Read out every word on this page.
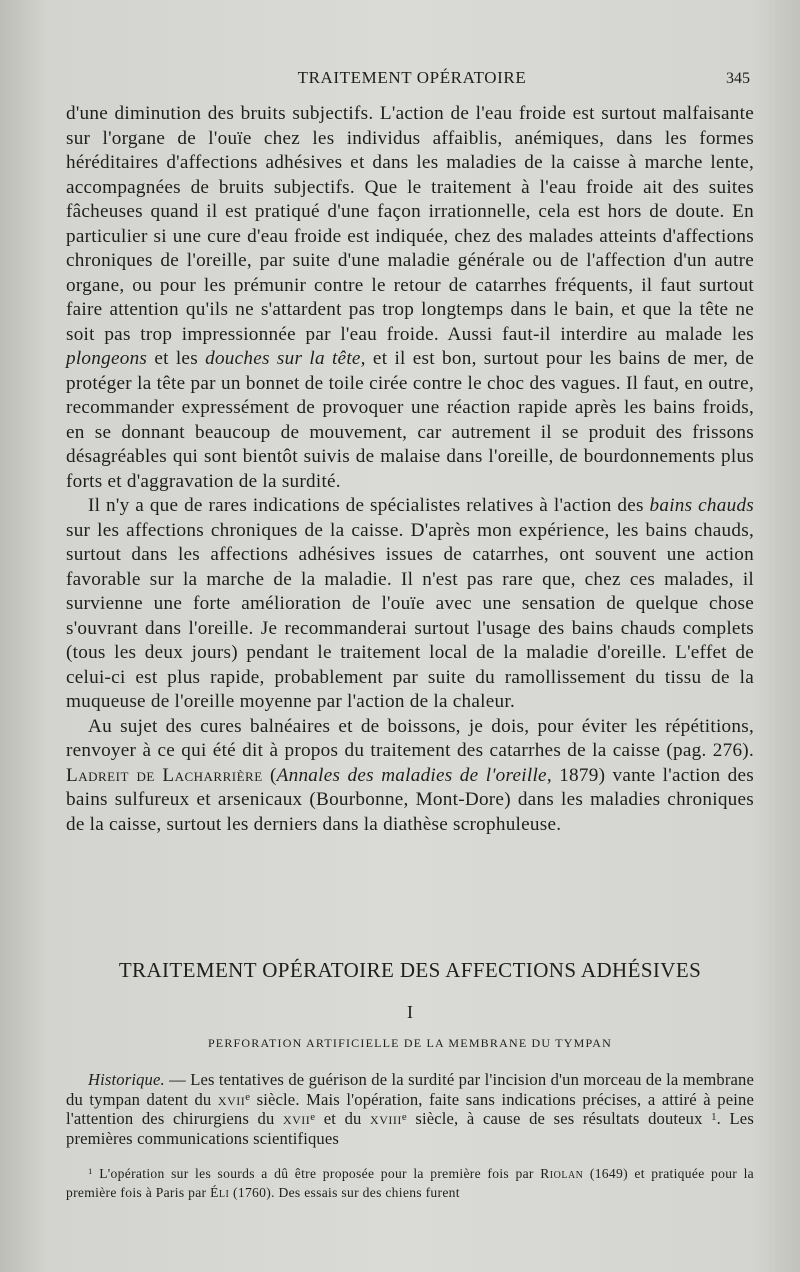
TRAITEMENT OPÉRATOIRE	345

d'une diminution des bruits subjectifs. L'action de l'eau froide est surtout malfaisante sur l'organe de l'ouïe chez les individus affaiblis, anémiques, dans les formes héréditaires d'affections adhésives et dans les maladies de la caisse à marche lente, accompagnées de bruits subjectifs. Que le traitement à l'eau froide ait des suites fâcheuses quand il est pratiqué d'une façon irrationnelle, cela est hors de doute. En particulier si une cure d'eau froide est indiquée, chez des malades atteints d'affections chroniques de l'oreille, par suite d'une maladie générale ou de l'affection d'un autre organe, ou pour les prémunir contre le retour de catarrhes fréquents, il faut surtout faire attention qu'ils ne s'attardent pas trop longtemps dans le bain, et que la tête ne soit pas trop impressionnée par l'eau froide. Aussi faut-il interdire au malade les plongeons et les douches sur la tête, et il est bon, surtout pour les bains de mer, de protéger la tête par un bonnet de toile cirée contre le choc des vagues. Il faut, en outre, recommander expressément de provoquer une réaction rapide après les bains froids, en se donnant beaucoup de mouvement, car autrement il se produit des frissons désagréables qui sont bientôt suivis de malaise dans l'oreille, de bourdonnements plus forts et d'aggravation de la surdité.

Il n'y a que de rares indications de spécialistes relatives à l'action des bains chauds sur les affections chroniques de la caisse. D'après mon expérience, les bains chauds, surtout dans les affections adhésives issues de catarrhes, ont souvent une action favorable sur la marche de la maladie. Il n'est pas rare que, chez ces malades, il survienne une forte amélioration de l'ouïe avec une sensation de quelque chose s'ouvrant dans l'oreille. Je recommanderai surtout l'usage des bains chauds complets (tous les deux jours) pendant le traitement local de la maladie d'oreille. L'effet de celui-ci est plus rapide, probablement par suite du ramollissement du tissu de la muqueuse de l'oreille moyenne par l'action de la chaleur.

Au sujet des cures balnéaires et de boissons, je dois, pour éviter les répétitions, renvoyer à ce qui été dit à propos du traitement des catarrhes de la caisse (pag. 276). Ladreit de Lacharrière (Annales des maladies de l'oreille, 1879) vante l'action des bains sulfureux et arsenicaux (Bourbonne, Mont-Dore) dans les maladies chroniques de la caisse, surtout les derniers dans la diathèse scrophuleuse.

TRAITEMENT OPÉRATOIRE DES AFFECTIONS ADHÉSIVES
I
PERFORATION ARTIFICIELLE DE LA MEMBRANE DU TYMPAN

Historique. — Les tentatives de guérison de la surdité par l'incision d'un morceau de la membrane du tympan datent du xvii$^e$ siècle. Mais l'opération, faite sans indications précises, a attiré à peine l'attention des chirurgiens du xvii$^e$ et du xviii$^e$ siècle, à cause de ses résultats douteux $^1$. Les premières communications scientifiques

$^1$ L'opération sur les sourds a dû être proposée pour la première fois par Riolan (1649) et pratiquée pour la première fois à Paris par Éli (1760). Des essais sur des chiens furent
